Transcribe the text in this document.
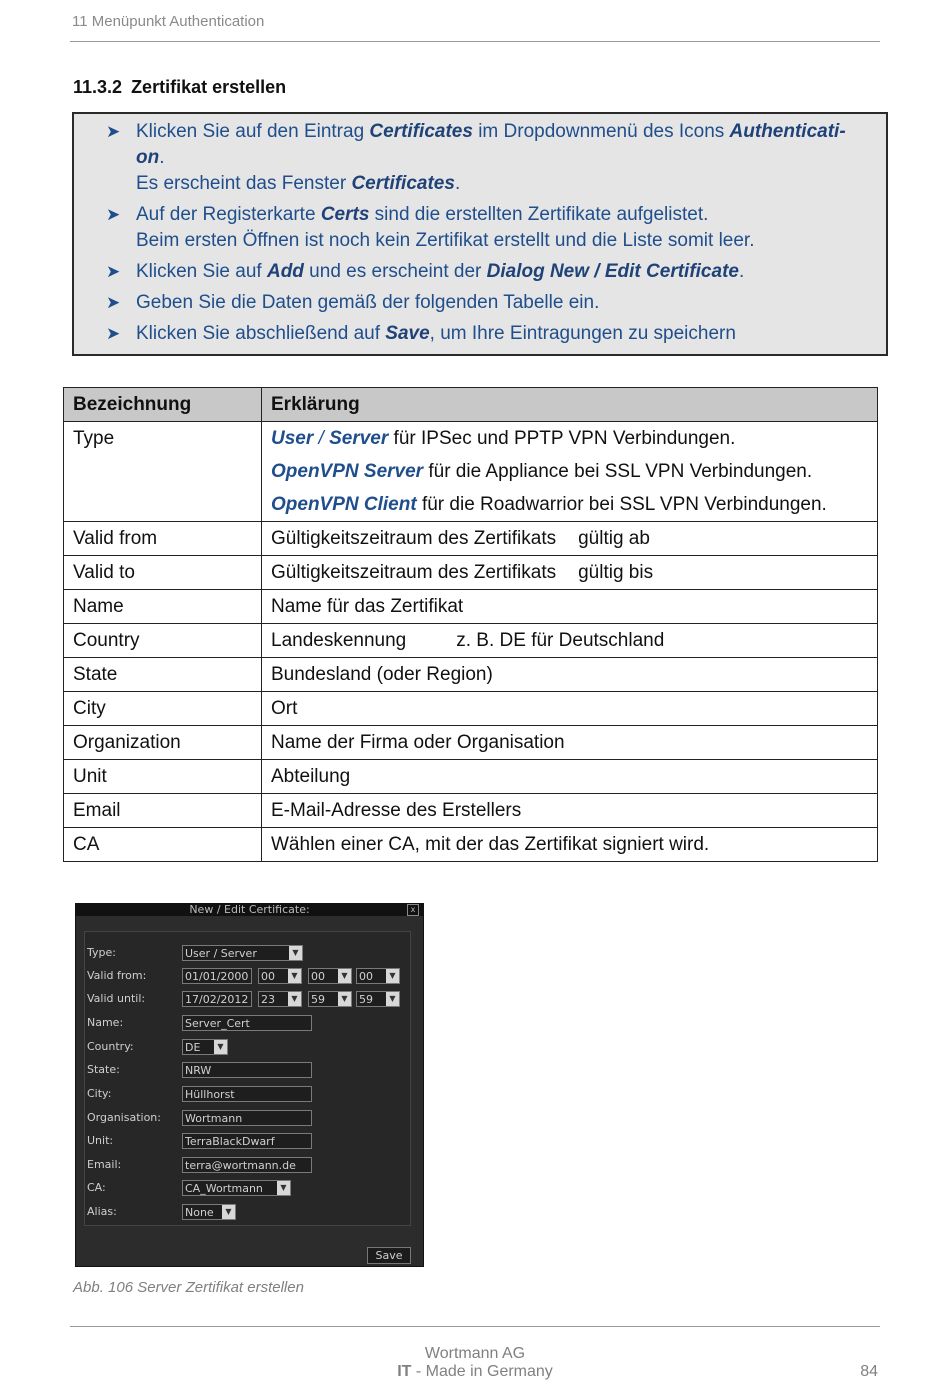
11 Menüpunkt Authentication
11.3.2 Zertifikat erstellen
➤ Klicken Sie auf den Eintrag Certificates im Dropdownmenü des Icons Authenticati-
on.
Es erscheint das Fenster Certificates.
➤ Auf der Registerkarte Certs sind die erstellten Zertifikate aufgelistet.
Beim ersten Öffnen ist noch kein Zertifikat erstellt und die Liste somit leer.
➤ Klicken Sie auf Add und es erscheint der Dialog New / Edit Certificate.
➤ Geben Sie die Daten gemäß der folgenden Tabelle ein.
➤ Klicken Sie abschließend auf Save, um Ihre Eintragungen zu speichern
Bezeichnung	Erklärung
Type	User / Server für IPSec und PPTP VPN Verbindungen.
OpenVPN Server für die Appliance bei SSL VPN Verbindungen.
OpenVPN Client für die Roadwarrior bei SSL VPN Verbindungen.

Valid from	Gültigkeitszeitraum des Zertifikats gültig ab
Valid to	Gültigkeitszeitraum des Zertifikats gültig bis
Name	Name für das Zertifikat
Country	Landeskennung z. B. DE für Deutschland
State	Bundesland (oder Region)
City	Ort
Organization	Name der Firma oder Organisation
Unit	Abteilung
Email	E-Mail-Adresse des Erstellers
CA	Wählen einer CA, mit der das Zertifikat signiert wird.
New / Edit Certificate:	x
Type:	User / Server	▼
Valid from:	01/01/2000	00	▼	00	▼	00	▼
Valid until:	17/02/2012	23	▼	59	▼	59	▼
Name:	Server_Cert
Country:	DE	▼
State:	NRW
City:	Hüllhorst
Organisation: Wortmann
Unit:	TerraBlackDwarf
Email:	terra@wortmann.de
CA:	CA_Wortmann	▼
Alias:	None	▼
Save
Abb. 106 Server Zertifikat erstellen
Wortmann AG
IT - Made in Germany	84
